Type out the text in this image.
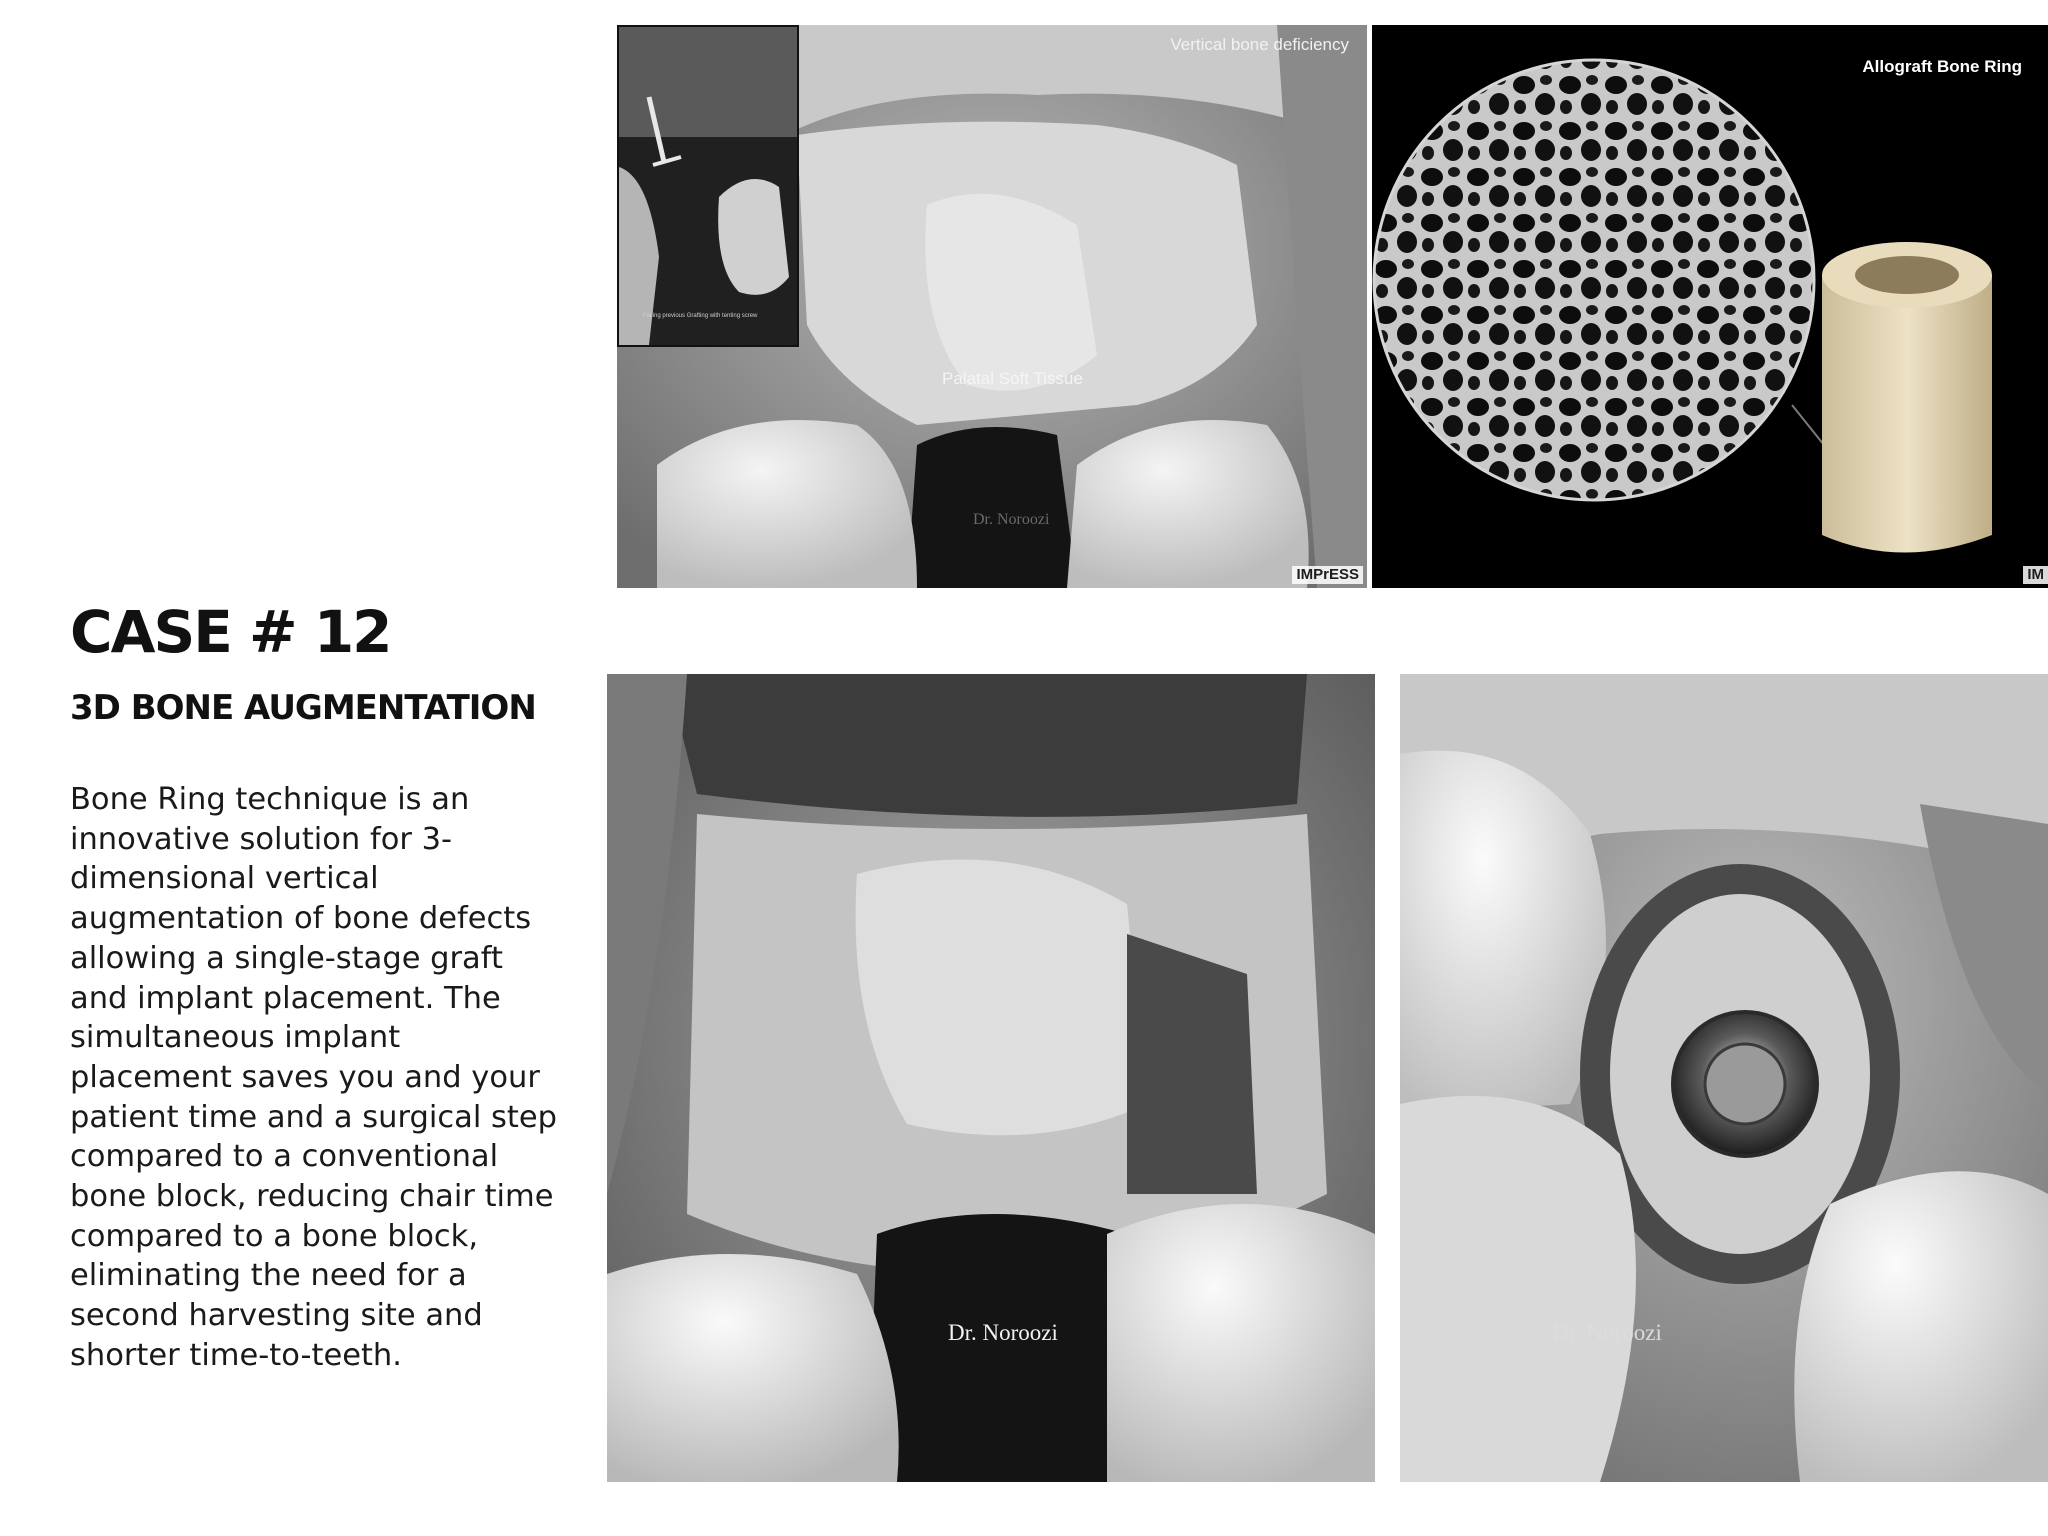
CASE # 12
3D BONE AUGMENTATION

Bone Ring technique is an
innovative solution for 3-
dimensional vertical
augmentation of bone defects
allowing a single-stage graft
and implant placement. The
simultaneous implant
placement saves you and your
patient time and a surgical step
compared to a conventional
bone block, reducing chair time
compared to a bone block,
eliminating the need for a
second harvesting site and
shorter time-to-teeth.

Failing previous Grafting with tenting screw
Vertical bone deficiency
Palatal Soft Tissue
Dr. Noroozi
IMPrESS
Allograft Bone Ring
IM
Dr. Noroozi	Dr. Noroozi
